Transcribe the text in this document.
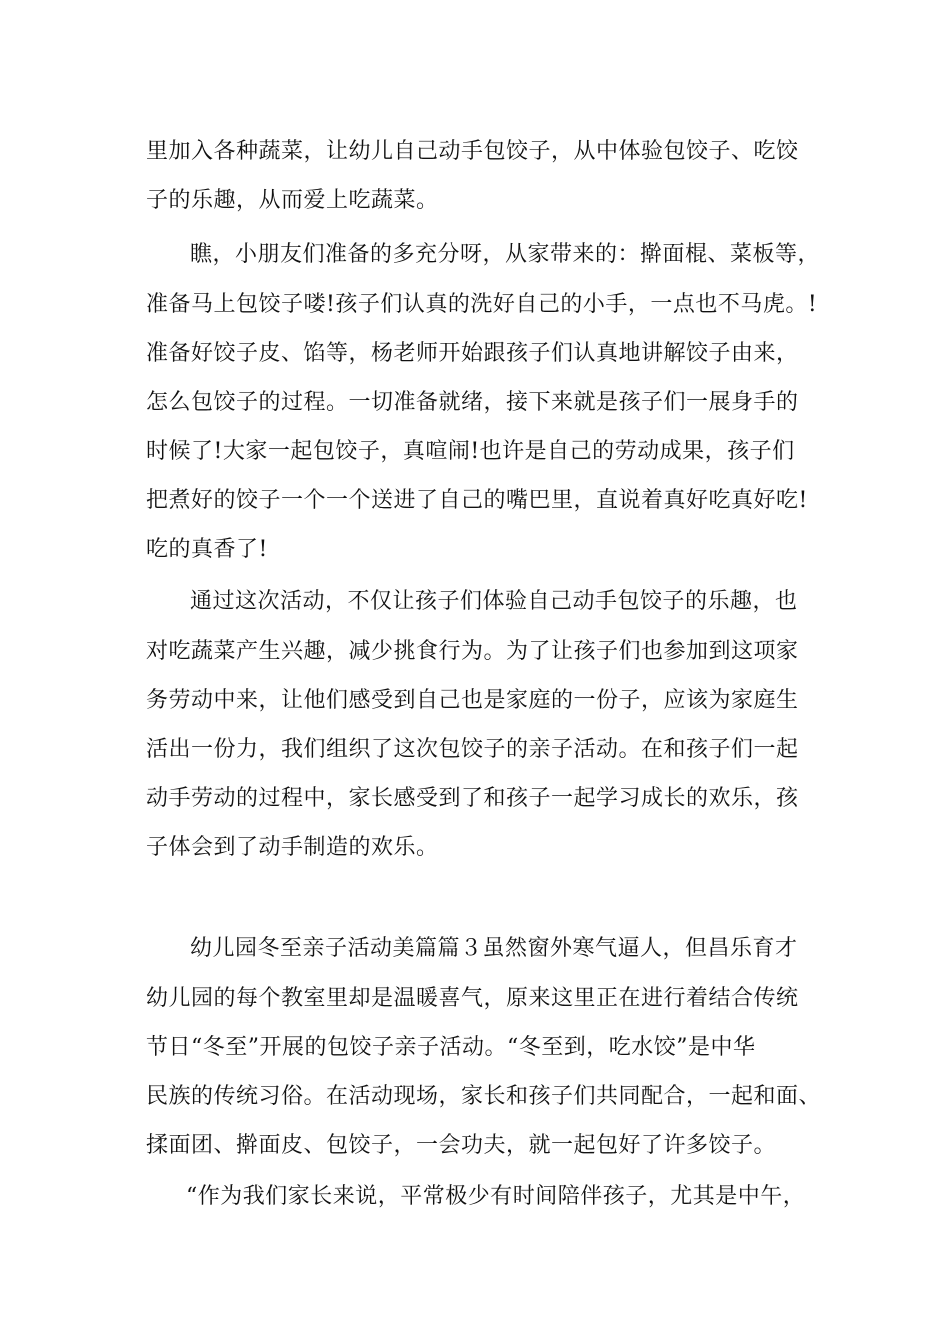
里加入各种蔬菜，让幼儿自己动手包饺子，从中体验包饺子、吃饺
子的乐趣，从而爱上吃蔬菜。
瞧，小朋友们准备的多充分呀，从家带来的：擀面棍、菜板等，
准备马上包饺子喽!孩子们认真的洗好自己的小手，一点也不马虎。!
准备好饺子皮、馅等，杨老师开始跟孩子们认真地讲解饺子由来，
怎么包饺子的过程。一切准备就绪，接下来就是孩子们一展身手的
时候了!大家一起包饺子，真喧闹!也许是自己的劳动成果，孩子们
把煮好的饺子一个一个送进了自己的嘴巴里，直说着真好吃真好吃!
吃的真香了!
通过这次活动，不仅让孩子们体验自己动手包饺子的乐趣，也
对吃蔬菜产生兴趣，减少挑食行为。为了让孩子们也参加到这项家
务劳动中来，让他们感受到自己也是家庭的一份子，应该为家庭生
活出一份力，我们组织了这次包饺子的亲子活动。在和孩子们一起
动手劳动的过程中，家长感受到了和孩子一起学习成长的欢乐，孩
子体会到了动手制造的欢乐。
幼儿园冬至亲子活动美篇篇３虽然窗外寒气逼人，但昌乐育才
幼儿园的每个教室里却是温暖喜气，原来这里正在进行着结合传统
节日“冬至”开展的包饺子亲子活动。“冬至到，吃水饺”是中华
民族的传统习俗。在活动现场，家长和孩子们共同配合，一起和面、
揉面团、擀面皮、包饺子，一会功夫，就一起包好了许多饺子。
“作为我们家长来说，平常极少有时间陪伴孩子，尤其是中午，
